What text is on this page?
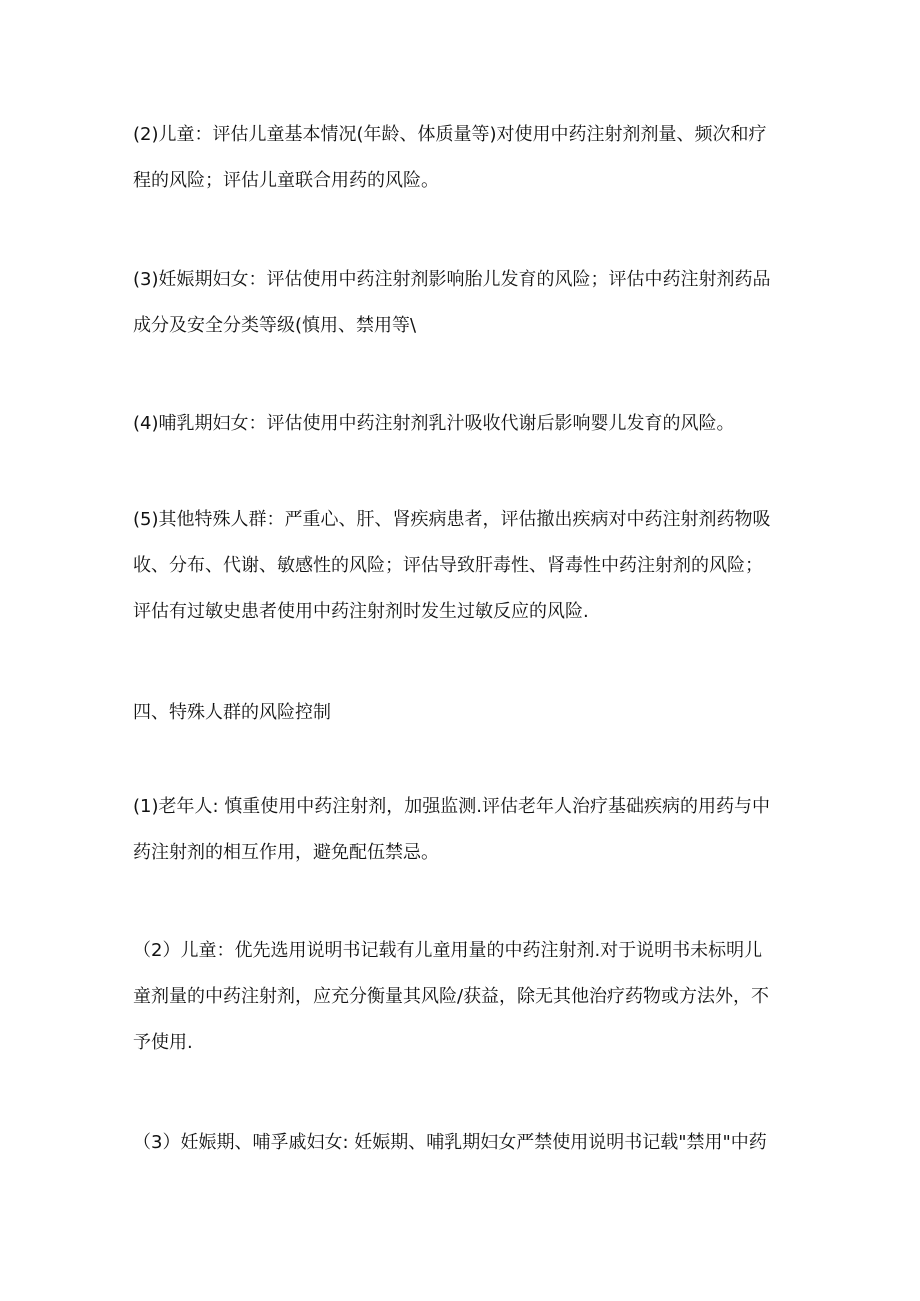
(2)儿童：评估儿童基本情况(年龄、体质量等)对使用中药注射剂剂量、频次和疗
程的风险；评估儿童联合用药的风险。

(3)妊娠期妇女：评估使用中药注射剂影响胎儿发育的风险；评估中药注射剂药品
成分及安全分类等级(慎用、禁用等\

(4)哺乳期妇女：评估使用中药注射剂乳汁吸收代谢后影响婴儿发育的风险。

(5)其他特殊人群：严重心、肝、肾疾病患者，评估撤出疾病对中药注射剂药物吸
收、分布、代谢、敏感性的风险；评估导致肝毒性、肾毒性中药注射剂的风险；
评估有过敏史患者使用中药注射剂时发生过敏反应的风险.

四、特殊人群的风险控制

(1)老年人: 慎重使用中药注射剂，加强监测.评估老年人治疗基础疾病的用药与中
药注射剂的相互作用，避免配伍禁忌。

（2）儿童：优先选用说明书记载有儿童用量的中药注射剂.对于说明书未标明儿
童剂量的中药注射剂，应充分衡量其风险/获益，除无其他治疗药物或方法外，不
予使用.

（3）妊娠期、哺孚戚妇女: 妊娠期、哺乳期妇女严禁使用说明书记载"禁用"中药
